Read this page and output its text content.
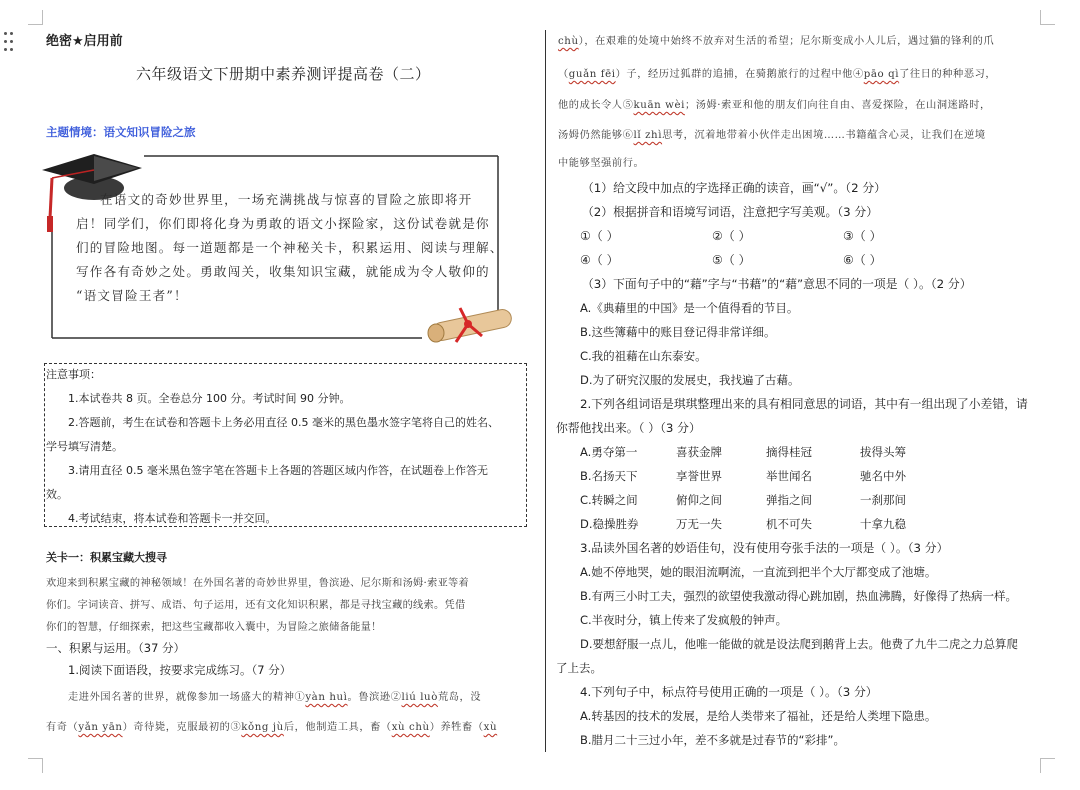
绝密★启用前
六年级语文下册期中素养测评提高卷（二）
主题情境：语文知识冒险之旅
在语文的奇妙世界里，一场充满挑战与惊喜的冒险之旅即将开
启！同学们，你们即将化身为勇敢的语文小探险家，这份试卷就是你
们的冒险地图。每一道题都是一个神秘关卡，积累运用、阅读与理解、
写作各有奇妙之处。勇敢闯关，收集知识宝藏，就能成为令人敬仰的
“语文冒险王者”！
注意事项：
1.本试卷共 8 页。全卷总分 100 分。考试时间 90 分钟。
2.答题前，考生在试卷和答题卡上务必用直径 0.5 毫米的黑色墨水签字笔将自己的姓名、
学号填写清楚。
3.请用直径 0.5 毫米黑色签字笔在答题卡上各题的答题区域内作答，在试题卷上作答无
效。
4.考试结束，将本试卷和答题卡一并交回。
关卡一：积累宝藏大搜寻
欢迎来到积累宝藏的神秘领域！在外国名著的奇妙世界里，鲁滨逊、尼尔斯和汤姆·索亚等着
你们。字词读音、拼写、成语、句子运用，还有文化知识积累，都是寻找宝藏的线索。凭借
你们的智慧，仔细探索，把这些宝藏都收入囊中，为冒险之旅储备能量！
一、积累与运用。（37 分）
1.阅读下面语段，按要求完成练习。（7 分）
走进外国名著的世界，就像参加一场盛大的精神①yàn huì。鲁滨逊②liú luò荒岛，没
有奇（yǎn yān）奇待毙，克服最初的③kǒng jù后，他制造工具，畜（xù chù）养牲畜（xù
chù），在艰难的处境中始终不放弃对生活的希望；尼尔斯变成小人儿后，遇过猫的锋利的爪
（guǎn fēi）子，经历过狐群的追捕，在骑鹅旅行的过程中他④pāo qì了往日的种种恶习，
他的成长令人⑤kuān wèi；汤姆·索亚和他的朋友们向往自由、喜爱探险，在山洞迷路时，
汤姆仍然能够⑥lǐ zhì思考，沉着地带着小伙伴走出困境……书籍蕴含心灵，让我们在逆境
中能够坚强前行。
（1）给文段中加点的字选择正确的读音，画“√”。（2 分）
（2）根据拼音和语境写词语，注意把字写美观。（3 分）
①（ ）	②（ ）	③（ ）
④（ ）	⑤（ ）	⑥（ ）
（3）下面句子中的“藉”字与“书藉”的“藉”意思不同的一项是（ ）。（2 分）
A.《典藉里的中国》是一个值得看的节目。
B.这些簿藉中的账目登记得非常详细。
C.我的祖藉在山东泰安。
D.为了研究汉服的发展史，我找遍了古藉。
2.下列各组词语是琪琪整理出来的具有相同意思的词语，其中有一组出现了小差错，请
你帮他找出来。（ ）（3 分）
A.勇夺第一	喜获金牌	摘得桂冠	拔得头筹
B.名扬天下	享誉世界	举世闻名	驰名中外
C.转瞬之间	俯仰之间	弹指之间	一刹那间
D.稳操胜券	万无一失	机不可失	十拿九稳
3.品读外国名著的妙语佳句，没有使用夸张手法的一项是（ ）。（3 分）
A.她不停地哭，她的眼泪流啊流，一直流到把半个大厅都变成了池塘。
B.有两三小时工夫，强烈的欲望使我激动得心跳加剧，热血沸腾，好像得了热病一样。
C.半夜时分，镇上传来了发疯般的钟声。
D.要想舒服一点儿，他唯一能做的就是设法爬到鹅背上去。他费了九牛二虎之力总算爬
了上去。
4.下列句子中，标点符号使用正确的一项是（ ）。（3 分）
A.转基因的技术的发展，是给人类带来了福祉，还是给人类埋下隐患。
B.腊月二十三过小年，差不多就是过春节的“彩排”。
